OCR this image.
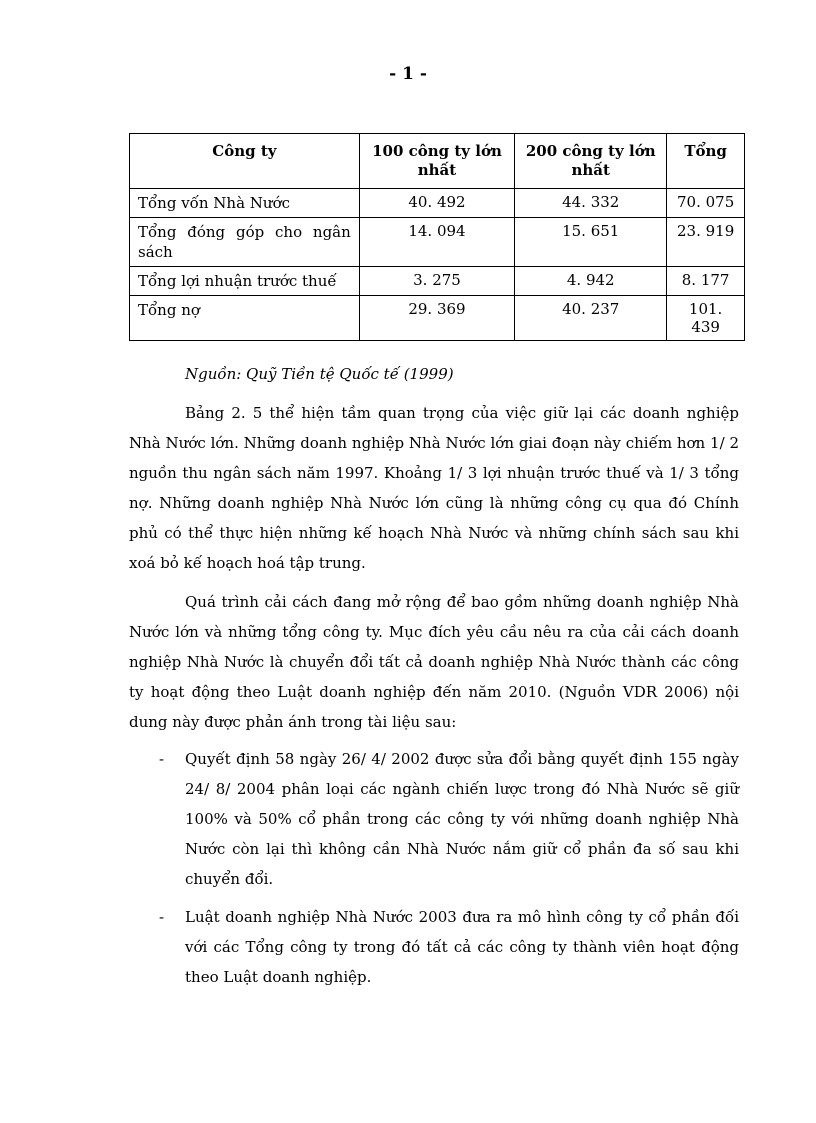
- 1 -
Công ty	100 công ty lớn nhất	200 công ty lớn nhất	Tổng
Tổng vốn Nhà Nước	40. 492	44. 332	70. 075
Tổng đóng góp cho ngân sách	14. 094	15. 651	23. 919
Tổng lợi nhuận trước thuế	3. 275	4. 942	8. 177
Tổng nợ	29. 369	40. 237	101. 439
Nguồn: Quỹ Tiền tệ Quốc tế (1999)

Bảng 2. 5 thể hiện tầm quan trọng của việc giữ lại các doanh nghiệp Nhà Nước lớn. Những doanh nghiệp Nhà Nước lớn giai đoạn này chiếm hơn 1/ 2 nguồn thu ngân sách năm 1997. Khoảng 1/ 3 lợi nhuận trước thuế và 1/ 3 tổng nợ. Những doanh nghiệp Nhà Nước lớn cũng là những công cụ qua đó Chính phủ có thể thực hiện những kế hoạch Nhà Nước và những chính sách sau khi xoá bỏ kế hoạch hoá tập trung.

Quá trình cải cách đang mở rộng để bao gồm những doanh nghiệp Nhà Nước lớn và những tổng công ty. Mục đích yêu cầu nêu ra của cải cách doanh nghiệp Nhà Nước là chuyển đổi tất cả doanh nghiệp Nhà Nước thành các công ty hoạt động theo Luật doanh nghiệp đến năm 2010. (Nguồn VDR 2006) nội dung này được phản ánh trong tài liệu sau:

- Quyết định 58 ngày 26/ 4/ 2002 được sửa đổi bằng quyết định 155 ngày 24/ 8/ 2004 phân loại các ngành chiến lược trong đó Nhà Nước sẽ giữ 100% và 50% cổ phần trong các công ty với những doanh nghiệp Nhà Nước còn lại thì không cần Nhà Nước nắm giữ cổ phần đa số sau khi chuyển đổi.
- Luật doanh nghiệp Nhà Nước 2003 đưa ra mô hình công ty cổ phần đối với các Tổng công ty trong đó tất cả các công ty thành viên hoạt động theo Luật doanh nghiệp.
